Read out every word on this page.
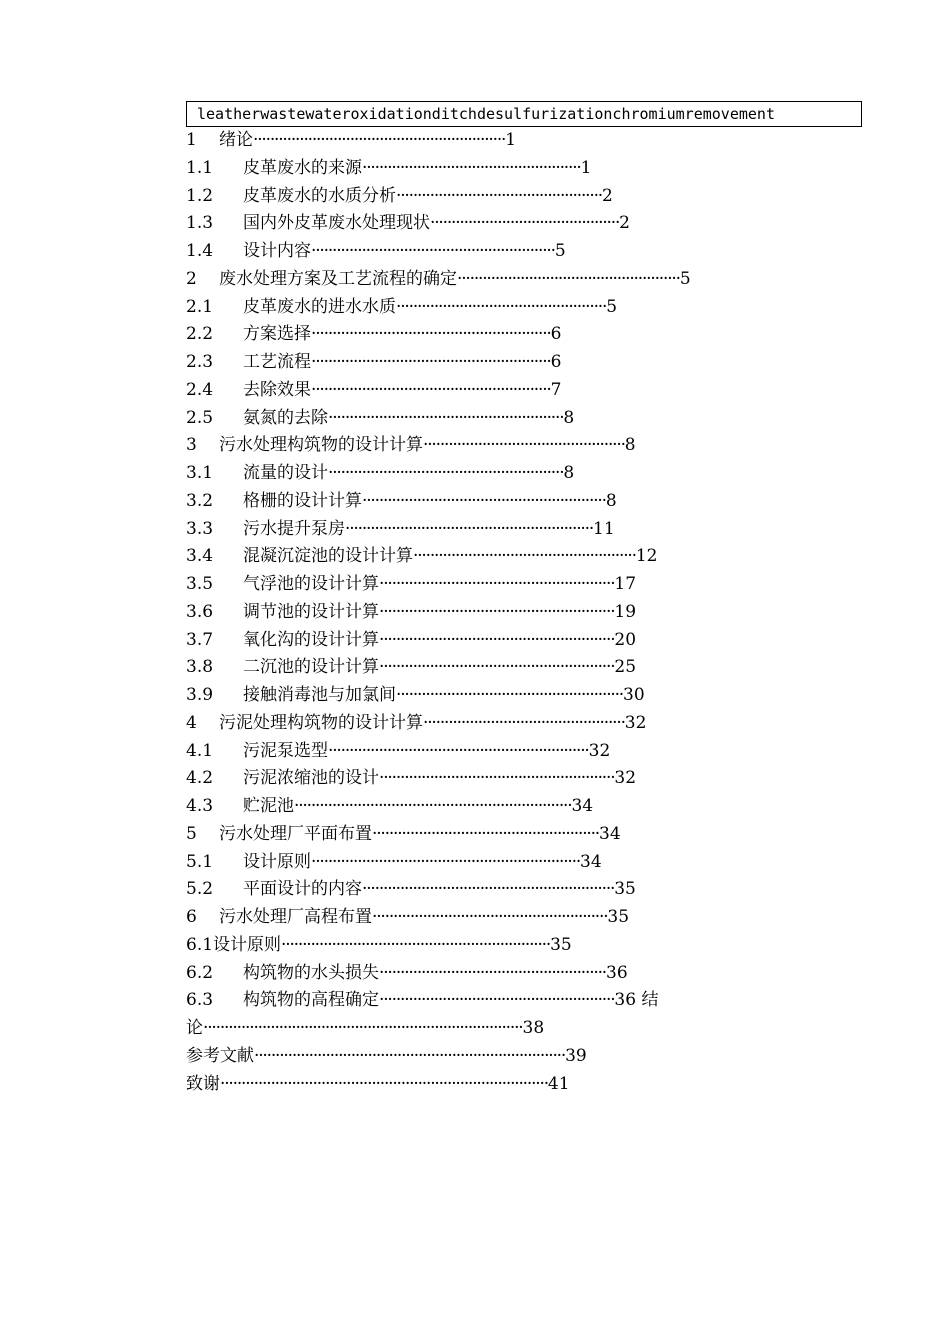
leatherwastewateroxidationditchdesulfurizationchromiumremovement
1 绪论····························································1
1.1 皮革废水的来源····················································1
1.2 皮革废水的水质分析·················································2
1.3 国内外皮革废水处理现状·············································2
1.4 设计内容··························································5
2 废水处理方案及工艺流程的确定·····················································5
2.1 皮革废水的进水水质··················································5
2.2 方案选择·························································6
2.3 工艺流程·························································6
2.4 去除效果·························································7
2.5 氨氮的去除························································8
3 污水处理构筑物的设计计算················································8
3.1 流量的设计························································8
3.2 格栅的设计计算··························································8
3.3 污水提升泵房···························································11
3.4 混凝沉淀池的设计计算·····················································12
3.5 气浮池的设计计算························································17
3.6 调节池的设计计算························································19
3.7 氧化沟的设计计算························································20
3.8 二沉池的设计计算························································25
3.9 接触消毒池与加氯间······················································30
4 污泥处理构筑物的设计计算················································32
4.1 污泥泵选型······························································32
4.2 污泥浓缩池的设计························································32
4.3 贮泥池··································································34
5 污水处理厂平面布置······················································34
5.1 设计原则································································34
5.2 平面设计的内容····························································35
6 污水处理厂高程布置························································35
6.1设计原则································································35
6.2 构筑物的水头损失······················································36
6.3 构筑物的高程确定························································36 结
论············································································38
参考文献··········································································39
致谢··············································································41
